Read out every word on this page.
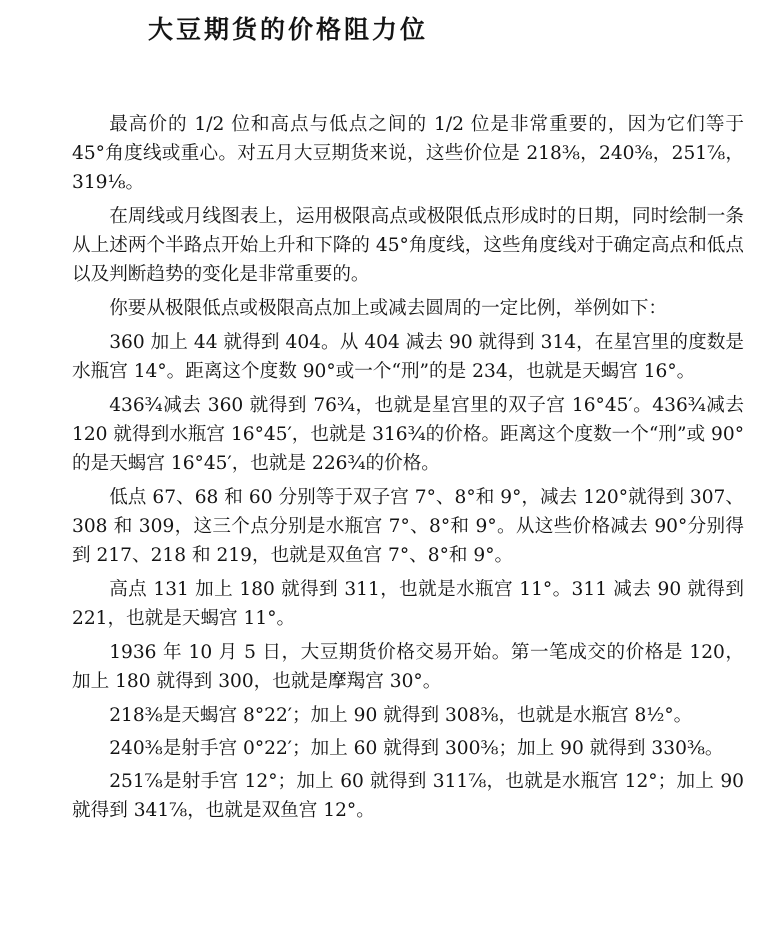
大豆期货的价格阻力位

最高价的 1/2 位和高点与低点之间的 1/2 位是非常重要的，因为它们等于 45°角度线或重心。对五月大豆期货来说，这些价位是 218⅜，240⅜，251⅞，319⅛。

在周线或月线图表上，运用极限高点或极限低点形成时的日期，同时绘制一条从上述两个半路点开始上升和下降的 45°角度线，这些角度线对于确定高点和低点以及判断趋势的变化是非常重要的。

你要从极限低点或极限高点加上或减去圆周的一定比例，举例如下：

360 加上 44 就得到 404。从 404 减去 90 就得到 314，在星宫里的度数是水瓶宫 14°。距离这个度数 90°或一个“刑”的是 234，也就是天蝎宫 16°。

436¾减去 360 就得到 76¾，也就是星宫里的双子宫 16°45′。436¾减去 120 就得到水瓶宫 16°45′，也就是 316¾的价格。距离这个度数一个“刑”或 90°的是天蝎宫 16°45′，也就是 226¾的价格。

低点 67、68 和 60 分别等于双子宫 7°、8°和 9°，减去 120°就得到 307、308 和 309，这三个点分别是水瓶宫 7°、8°和 9°。从这些价格减去 90°分别得到 217、218 和 219，也就是双鱼宫 7°、8°和 9°。

高点 131 加上 180 就得到 311，也就是水瓶宫 11°。311 减去 90 就得到 221，也就是天蝎宫 11°。

1936 年 10 月 5 日，大豆期货价格交易开始。第一笔成交的价格是 120，加上 180 就得到 300，也就是摩羯宫 30°。

218⅜是天蝎宫 8°22′；加上 90 就得到 308⅜，也就是水瓶宫 8½°。

240⅜是射手宫 0°22′；加上 60 就得到 300⅜；加上 90 就得到 330⅜。

251⅞是射手宫 12°；加上 60 就得到 311⅞，也就是水瓶宫 12°；加上 90 就得到 341⅞，也就是双鱼宫 12°。
